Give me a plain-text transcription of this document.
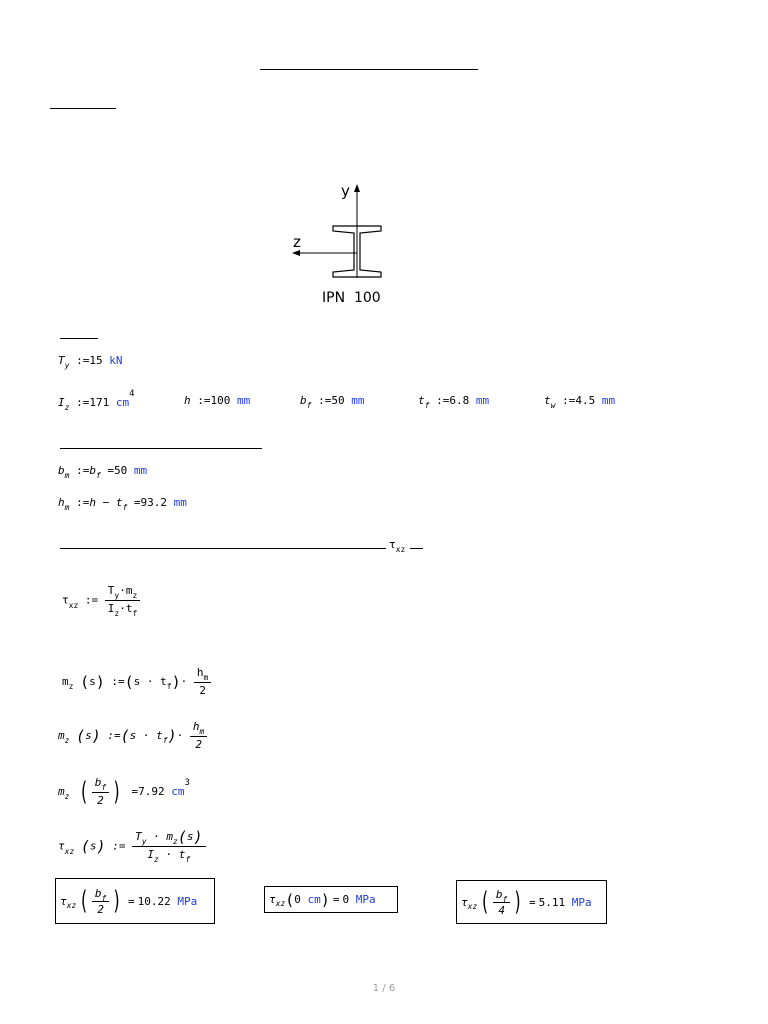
y
z
IPN  100
$T_y$ :=15 kN
$I_z$ :=171 $cm^4$	h :=100 mm	$b_f$ :=50 mm	$t_f$ :=6.8 mm	$t_w$ :=4.5 mm
$b_m$ $:=b_f =50$ mm
$h_m$ :=h − $t_f =93.2$ mm
$\tau_{xz}$
$\tau_{xz}$ := $\frac{T_y\cdot m_z}{I_z\cdot t_f}$
$m_z$ (s) :=(s · $t_f)\cdot \frac{h_m}{2}$
$m_z$ (s) :=(s · $t_f)\cdot \frac{h_m}{2}$
$m_z$ ( $\frac{b_f}{2}$ ) =7.92 $cm^3$
$\tau_{xz}$ (s) := $\frac{T_y \cdot m_z(s)}{I_z \cdot t_f}$
τ xz ( $\frac{b_f}{2}$ ) = 10.22
MPa	τ xz ( 0
cm ) = 0
MPa	τ xz ( $\frac{b_f}{4}$ ) = 5.11
MPa
1 / 6
